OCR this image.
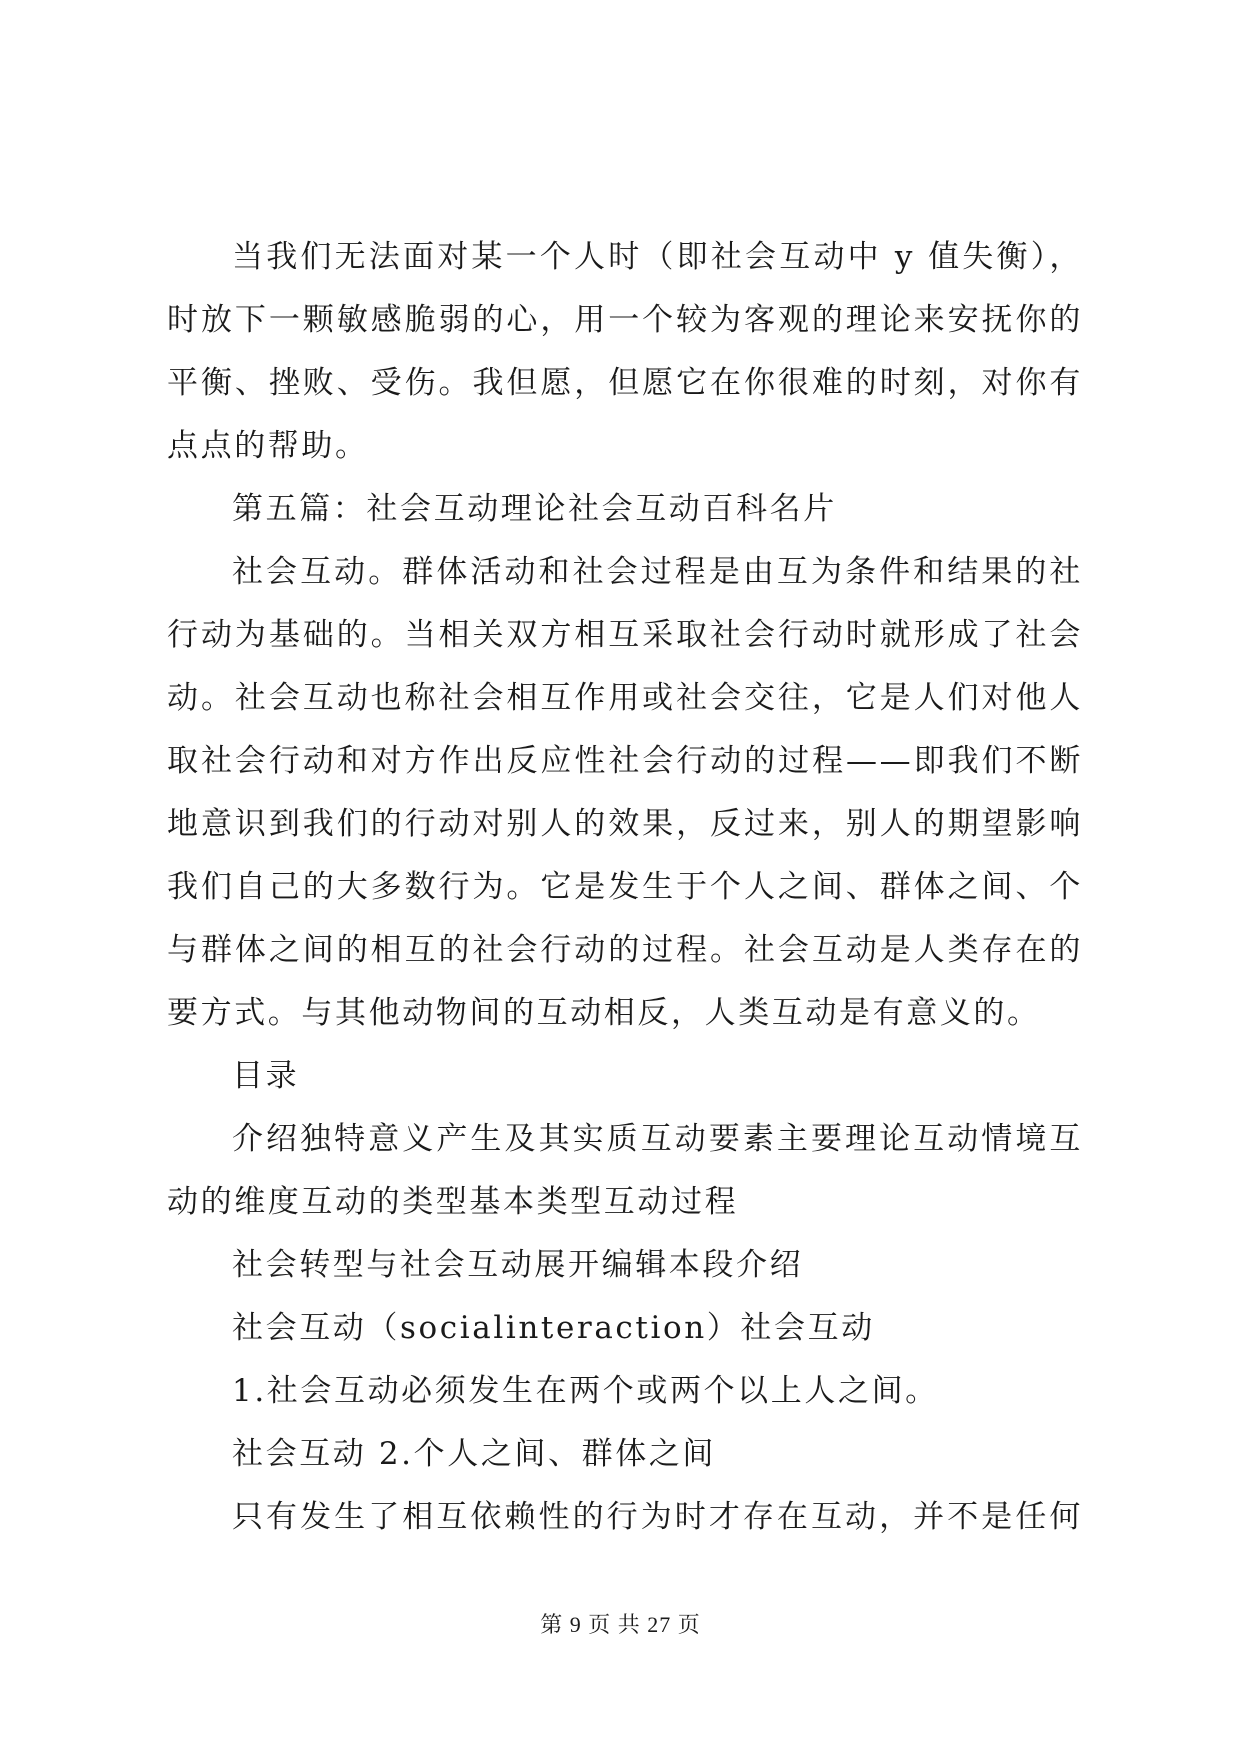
当我们无法面对某一个人时（即社会互动中 y 值失衡），
时放下一颗敏感脆弱的心，用一个较为客观的理论来安抚你的
平衡、挫败、受伤。我但愿，但愿它在你很难的时刻，对你有
点点的帮助。
第五篇：社会互动理论社会互动百科名片
社会互动。群体活动和社会过程是由互为条件和结果的社
行动为基础的。当相关双方相互采取社会行动时就形成了社会
动。社会互动也称社会相互作用或社会交往，它是人们对他人
取社会行动和对方作出反应性社会行动的过程——即我们不断
地意识到我们的行动对别人的效果，反过来，别人的期望影响
我们自己的大多数行为。它是发生于个人之间、群体之间、个
与群体之间的相互的社会行动的过程。社会互动是人类存在的
要方式。与其他动物间的互动相反，人类互动是有意义的。
目录
介绍独特意义产生及其实质互动要素主要理论互动情境互
动的维度互动的类型基本类型互动过程
社会转型与社会互动展开编辑本段介绍
社会互动（socialinteraction）社会互动
1.社会互动必须发生在两个或两个以上人之间。
社会互动 2.个人之间、群体之间
只有发生了相互依赖性的行为时才存在互动，并不是任何
第 9 页 共 27 页
